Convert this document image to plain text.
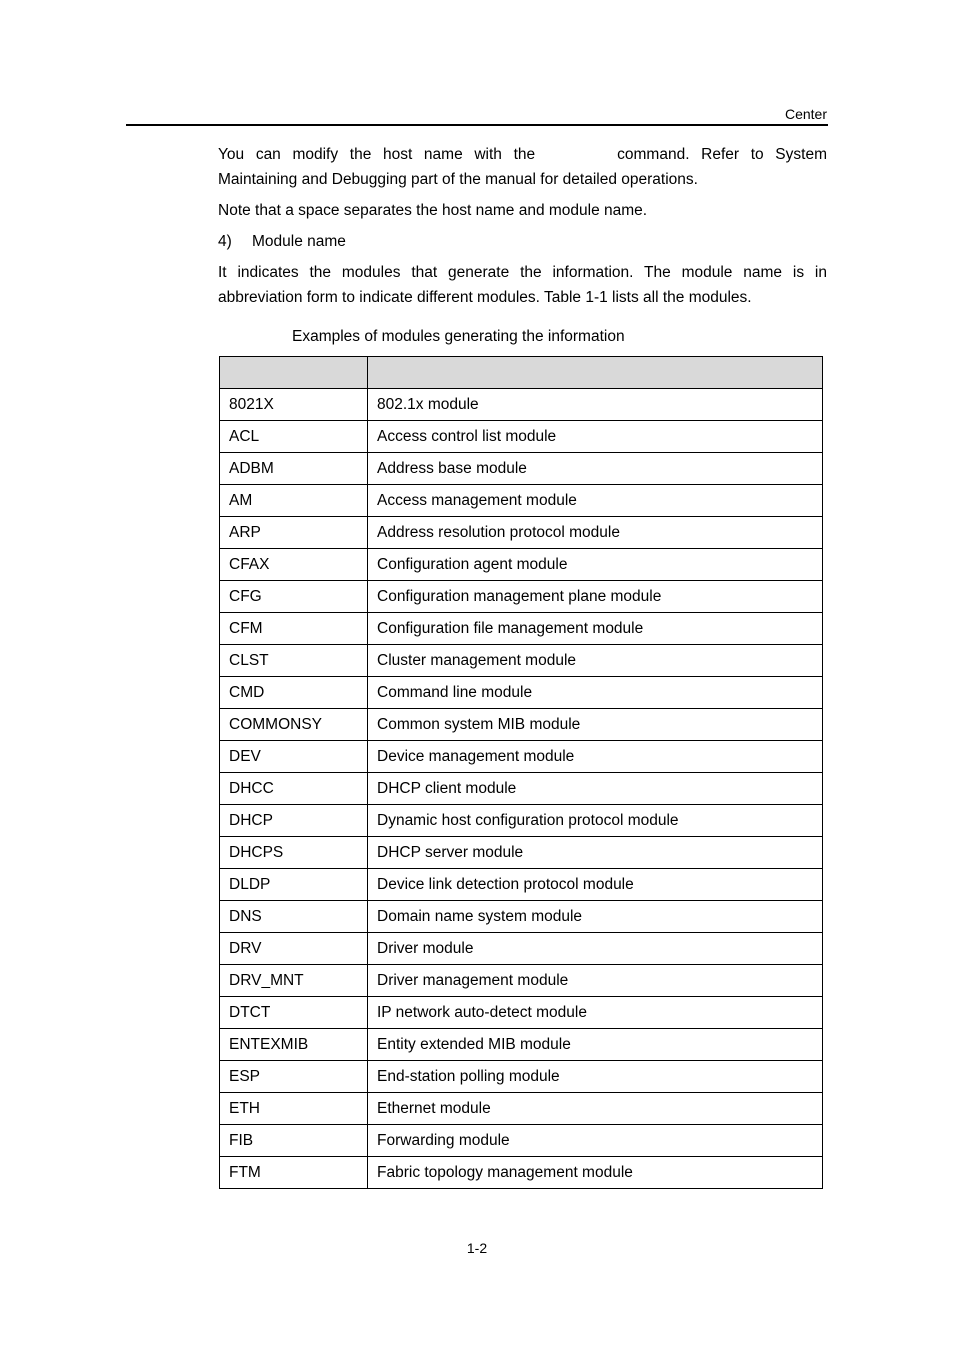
Center

You can modify the host name with the	command. Refer to System Maintaining and Debugging part of the manual for detailed operations.

Note that a space separates the host name and module name.

4) Module name

It indicates the modules that generate the information. The module name is in abbreviation form to indicate different modules. Table 1-1 lists all the modules.

Examples of modules generating the information

8021X	802.1x module
ACL	Access control list module
ADBM	Address base module
AM	Access management module
ARP	Address resolution protocol module
CFAX	Configuration agent module
CFG	Configuration management plane module
CFM	Configuration file management module
CLST	Cluster management module
CMD	Command line module
COMMONSY	Common system MIB module
DEV	Device management module
DHCC	DHCP client module
DHCP	Dynamic host configuration protocol module
DHCPS	DHCP server module
DLDP	Device link detection protocol module
DNS	Domain name system module
DRV	Driver module
DRV_MNT	Driver management module
DTCT	IP network auto-detect module
ENTEXMIB	Entity extended MIB module
ESP	End-station polling module
ETH	Ethernet module
FIB	Forwarding module
FTM	Fabric topology management module
1-2
